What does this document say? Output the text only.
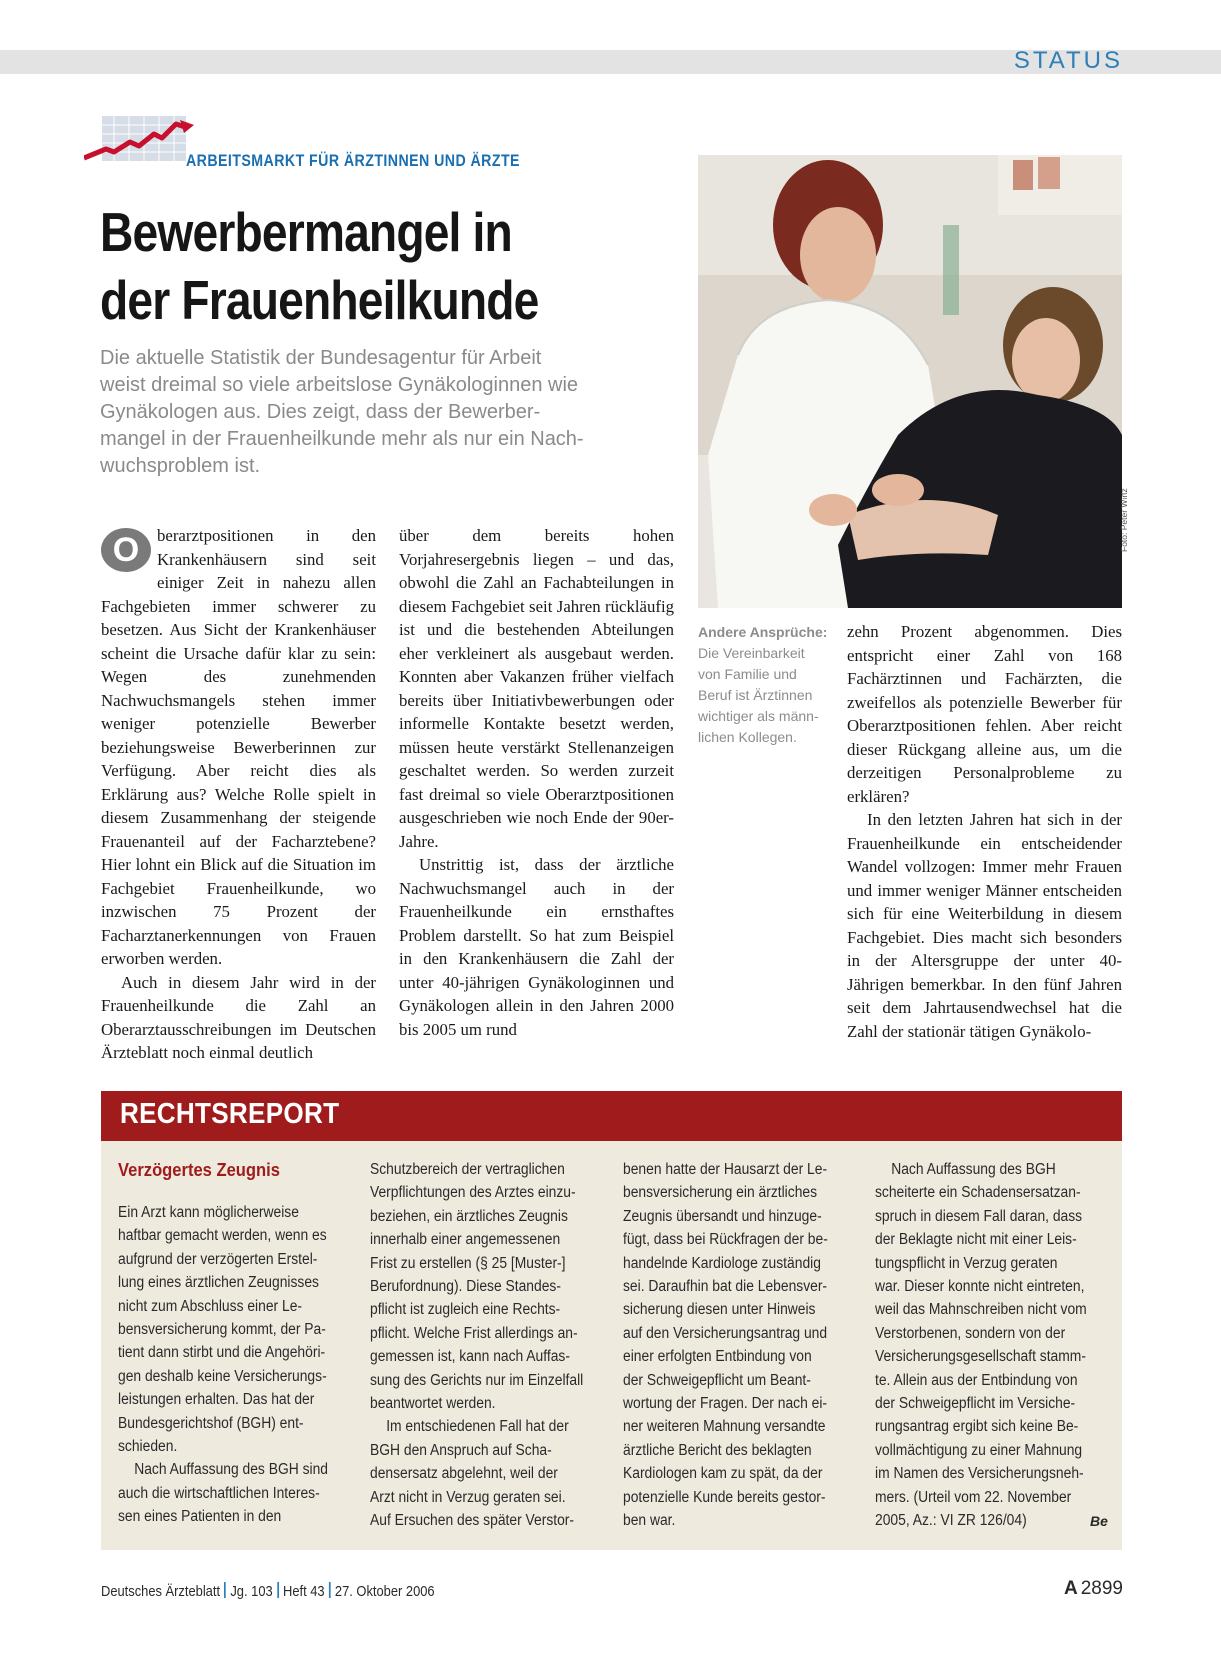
STATUS
ARBEITSMARKT FÜR ÄRZTINNEN UND ÄRZTE
Bewerbermangel in
der Frauenheilkunde
Die aktuelle Statistik der Bundesagentur für Arbeit
weist dreimal so viele arbeitslose Gynäkologinnen wie
Gynäkologen aus. Dies zeigt, dass der Bewerber-
mangel in der Frauenheilkunde mehr als nur ein Nach-
wuchsproblem ist.
Foto: Peter Wirtz

O	berarztpositionen in den Krankenhäusern sind seit einiger Zeit in nahezu allen Fachgebieten immer schwerer zu besetzen. Aus Sicht der Krankenhäuser scheint die Ursache dafür klar zu sein: Wegen des zunehmenden Nachwuchsmangels stehen immer weniger potenzielle Bewerber beziehungsweise Bewerberinnen zur Verfügung. Aber reicht dies als Erklärung aus? Welche Rolle spielt in diesem Zusammenhang der steigende Frauenanteil auf der Facharztebene? Hier lohnt ein Blick auf die Situation im Fachgebiet Frauenheilkunde, wo inzwischen 75 Prozent der Facharztanerkennungen von Frauen erworben werden.

Auch in diesem Jahr wird in der Frauenheilkunde die Zahl an Oberarztausschreibungen im Deutschen Ärzteblatt noch einmal deutlich

über dem bereits hohen Vorjahresergebnis liegen – und das, obwohl die Zahl an Fachabteilungen in diesem Fachgebiet seit Jahren rückläufig ist und die bestehenden Abteilungen eher verkleinert als ausgebaut werden. Konnten aber Vakanzen früher vielfach bereits über Initiativbewerbungen oder informelle Kontakte besetzt werden, müssen heute verstärkt Stellenanzeigen geschaltet werden. So werden zurzeit fast dreimal so viele Oberarztpositionen ausgeschrieben wie noch Ende der 90er-Jahre.

Unstrittig ist, dass der ärztliche Nachwuchsmangel auch in der Frauenheilkunde ein ernsthaftes Problem darstellt. So hat zum Beispiel in den Krankenhäusern die Zahl der unter 40-jährigen Gynäkologinnen und Gynäkologen allein in den Jahren 2000 bis 2005 um rund

Andere Ansprüche:
Die Vereinbarkeit
von Familie und
Beruf ist Ärztinnen
wichtiger als männ-
lichen Kollegen.

zehn Prozent abgenommen. Dies entspricht einer Zahl von 168 Fachärztinnen und Fachärzten, die zweifellos als potenzielle Bewerber für Oberarztpositionen fehlen. Aber reicht dieser Rückgang alleine aus, um die derzeitigen Personalprobleme zu erklären?

In den letzten Jahren hat sich in der Frauenheilkunde ein entscheidender Wandel vollzogen: Immer mehr Frauen und immer weniger Männer entscheiden sich für eine Weiterbildung in diesem Fachgebiet. Dies macht sich besonders in der Altersgruppe der unter 40-Jährigen bemerkbar. In den fünf Jahren seit dem Jahrtausendwechsel hat die Zahl der stationär tätigen Gynäkolo-

RECHTSREPORT
Verzögertes Zeugnis
Ein Arzt kann möglicherweise
haftbar gemacht werden, wenn es
aufgrund der verzögerten Erstel-
lung eines ärztlichen Zeugnisses
nicht zum Abschluss einer Le-
bensversicherung kommt, der Pa-
tient dann stirbt und die Angehöri-
gen deshalb keine Versicherungs-
leistungen erhalten. Das hat der
Bundesgerichtshof (BGH) ent-
schieden.
Nach Auffassung des BGH sind
auch die wirtschaftlichen Interes-
sen eines Patienten in den
Schutzbereich der vertraglichen
Verpflichtungen des Arztes einzu-
beziehen, ein ärztliches Zeugnis
innerhalb einer angemessenen
Frist zu erstellen (§ 25 [Muster-]
Berufordnung). Diese Standes-
pflicht ist zugleich eine Rechts-
pflicht. Welche Frist allerdings an-
gemessen ist, kann nach Auffas-
sung des Gerichts nur im Einzelfall
beantwortet werden.
Im entschiedenen Fall hat der
BGH den Anspruch auf Scha-
densersatz abgelehnt, weil der
Arzt nicht in Verzug geraten sei.
Auf Ersuchen des später Verstor-
benen hatte der Hausarzt der Le-
bensversicherung ein ärztliches
Zeugnis übersandt und hinzuge-
fügt, dass bei Rückfragen der be-
handelnde Kardiologe zuständig
sei. Daraufhin bat die Lebensver-
sicherung diesen unter Hinweis
auf den Versicherungsantrag und
einer erfolgten Entbindung von
der Schweigepflicht um Beant-
wortung der Fragen. Der nach ei-
ner weiteren Mahnung versandte
ärztliche Bericht des beklagten
Kardiologen kam zu spät, da der
potenzielle Kunde bereits gestor-
ben war.
Nach Auffassung des BGH
scheiterte ein Schadensersatzan-
spruch in diesem Fall daran, dass
der Beklagte nicht mit einer Leis-
tungspflicht in Verzug geraten
war. Dieser konnte nicht eintreten,
weil das Mahnschreiben nicht vom
Verstorbenen, sondern von der
Versicherungsgesellschaft stamm-
te. Allein aus der Entbindung von
der Schweigepflicht im Versiche-
rungsantrag ergibt sich keine Be-
vollmächtigung zu einer Mahnung
im Namen des Versicherungsneh-
mers. (Urteil vom 22. November
2005, Az.: VI ZR 126/04)	Be
Deutsches Ärzteblatt Jg. 103 Heft 43 27. Oktober 2006	A 2899
